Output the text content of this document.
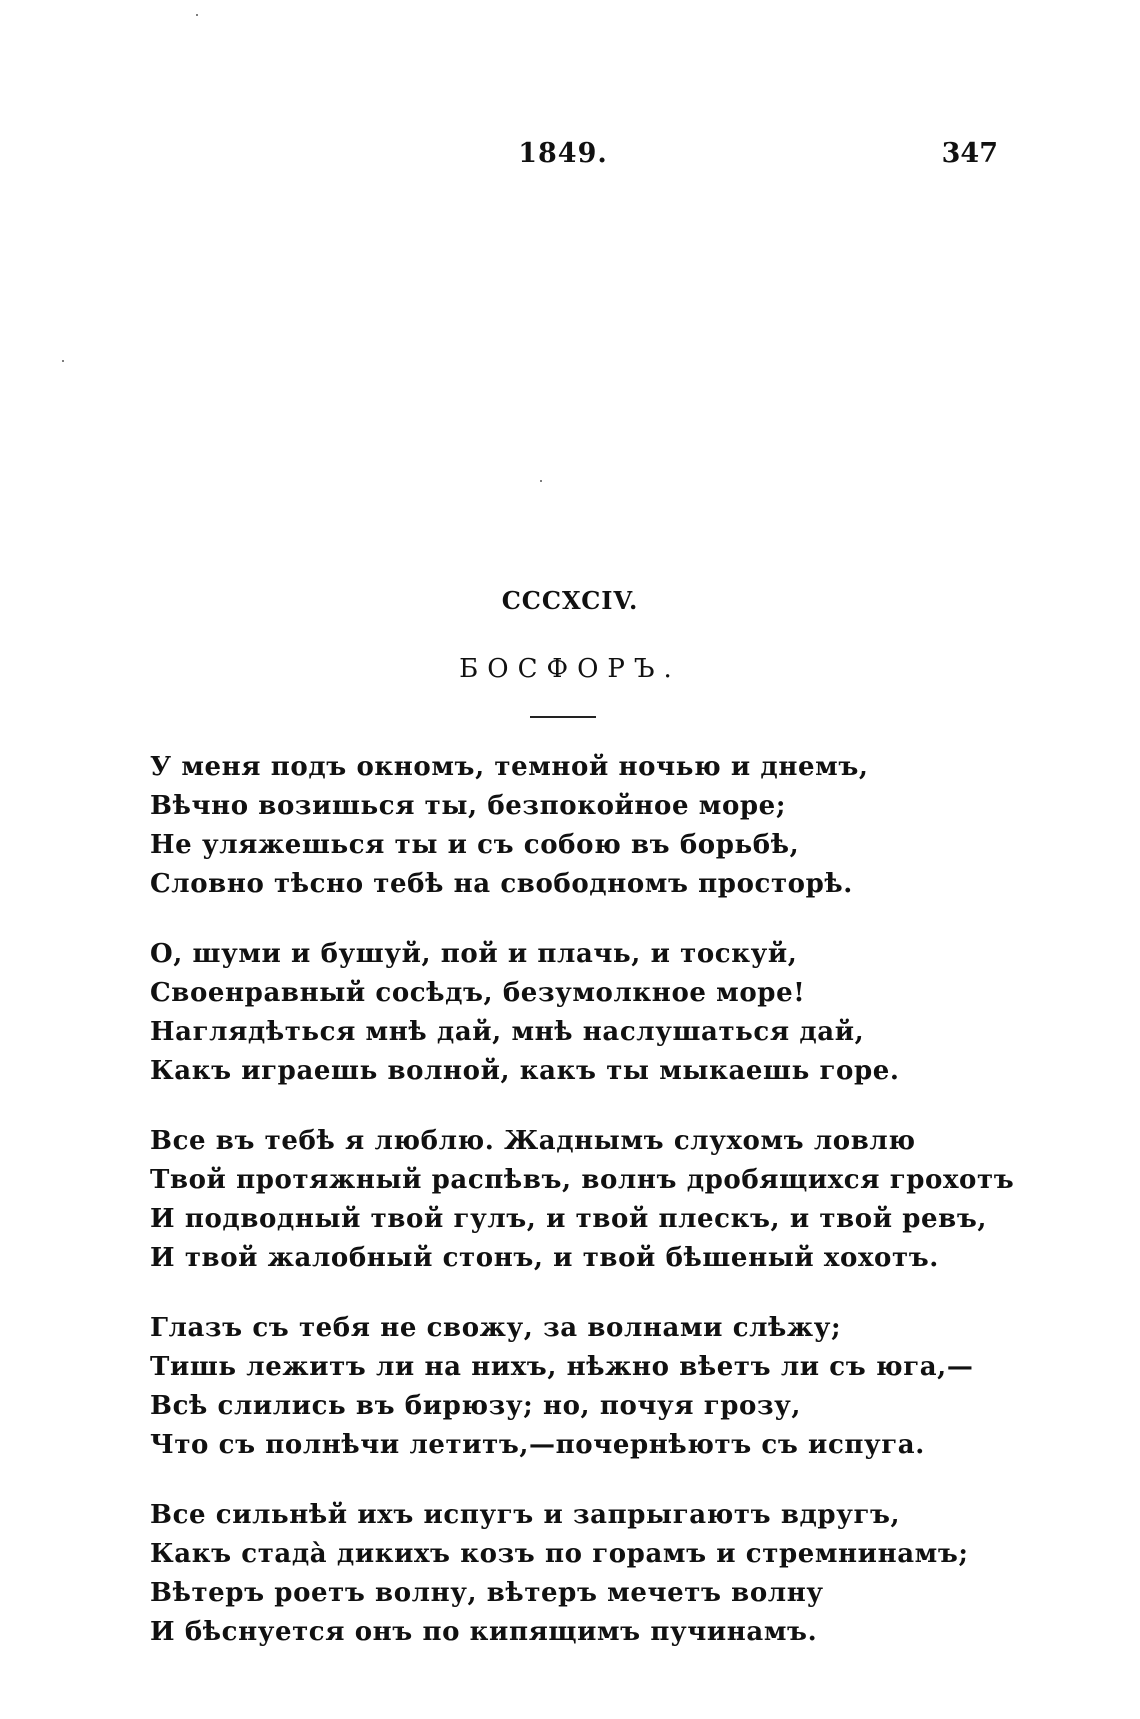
1849.	347
CCCXCIV.
БОСФОРЪ.
У меня подъ окномъ, темной ночью и днемъ,
Вѣчно возишься ты, безпокойное море;
Не уляжешься ты и съ собою въ борьбѣ,
Словно тѣсно тебѣ на свободномъ просторѣ.
О, шуми и бушуй, пой и плачь, и тоскуй,
Своенравный сосѣдъ, безумолкное море!
Наглядѣться мнѣ дай, мнѣ наслушаться дай,
Какъ играешь волной, какъ ты мыкаешь горе.
Все въ тебѣ я люблю. Жаднымъ слухомъ ловлю
Твой протяжный распѣвъ, волнъ дробящихся грохотъ
И подводный твой гулъ, и твой плескъ, и твой ревъ,
И твой жалобный стонъ, и твой бѣшеный хохотъ.
Глазъ съ тебя не свожу, за волнами слѣжу;
Тишь лежитъ ли на нихъ, нѣжно вѣетъ ли съ юга,—
Всѣ слились въ бирюзу; но, почуя грозу,
Что съ полнѣчи летитъ,—почернѣютъ съ испуга.
Все сильнѣй ихъ испугъ и запрыгаютъ вдругъ,
Какъ стадà дикихъ козъ по горамъ и стремнинамъ;
Вѣтеръ роетъ волну, вѣтеръ мечетъ волну
И бѣснуется онъ по кипящимъ пучинамъ.
